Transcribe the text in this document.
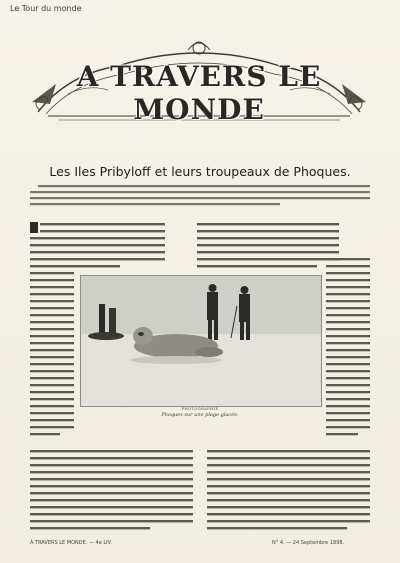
Le Tour du monde
A TRAVERS LE MONDE
Les Iles Pribyloff et leurs troupeaux de Phoques.
PHOTOGRAPHIE
Phoques sur une plage glacée.
À TRAVERS LE MONDE. — 4e LIV.	N° 4. — 24 Septembre 1898.
